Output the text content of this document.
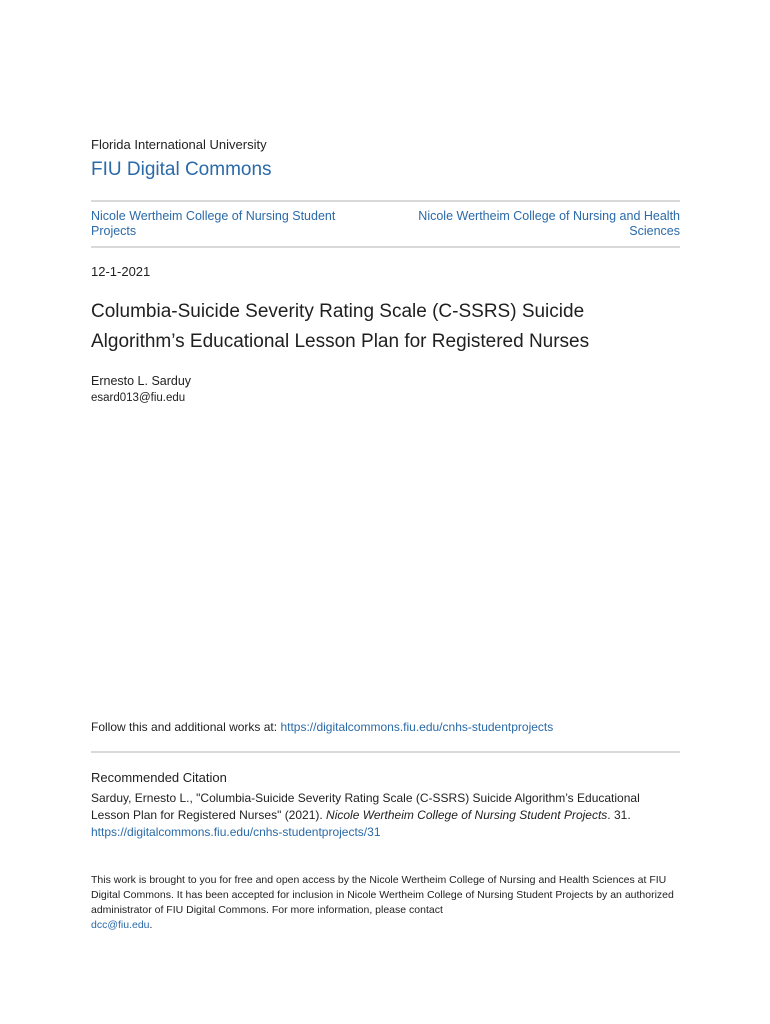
Florida International University
FIU Digital Commons
Nicole Wertheim College of Nursing Student Projects
Nicole Wertheim College of Nursing and Health Sciences
12-1-2021
Columbia-Suicide Severity Rating Scale (C-SSRS) Suicide Algorithm’s Educational Lesson Plan for Registered Nurses
Ernesto L. Sarduy
esard013@fiu.edu
Follow this and additional works at: https://digitalcommons.fiu.edu/cnhs-studentprojects
Recommended Citation
Sarduy, Ernesto L., "Columbia-Suicide Severity Rating Scale (C-SSRS) Suicide Algorithm’s Educational Lesson Plan for Registered Nurses" (2021). Nicole Wertheim College of Nursing Student Projects. 31.
https://digitalcommons.fiu.edu/cnhs-studentprojects/31
This work is brought to you for free and open access by the Nicole Wertheim College of Nursing and Health Sciences at FIU Digital Commons. It has been accepted for inclusion in Nicole Wertheim College of Nursing Student Projects by an authorized administrator of FIU Digital Commons. For more information, please contact
dcc@fiu.edu.
